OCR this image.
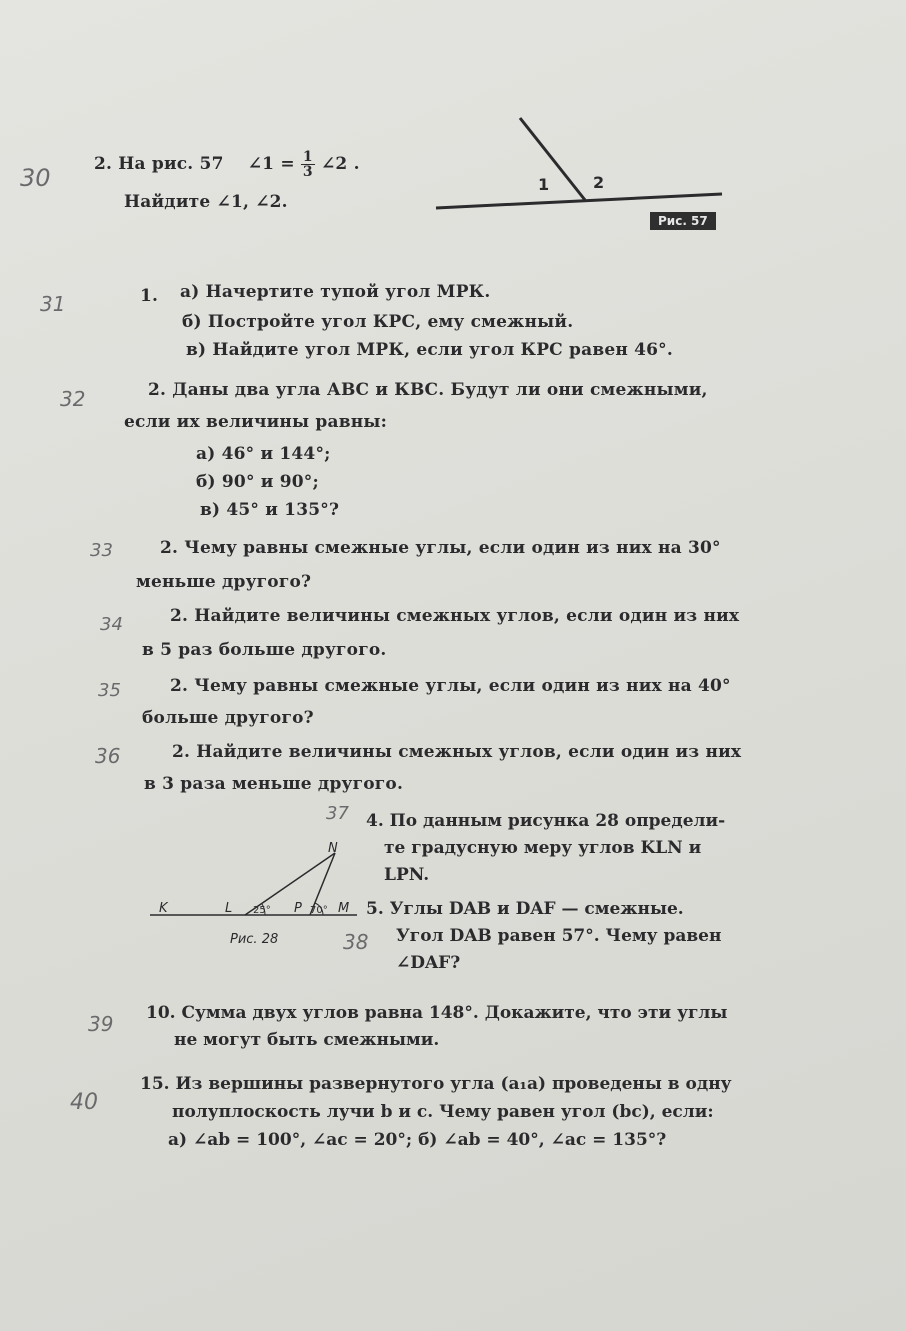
30
31
32
33
34
35
36
37
38
39
40
2. На рис. 57 ∠1 = $\frac{1}{3}$ ∠2 .
Найдите ∠1, ∠2.
1	2
Рис. 57
1. а) Начертите тупой угол МРК.
б) Постройте угол КРС, ему смежный.
в) Найдите угол МРК, если угол КРС равен 46°.
2. Даны два угла АВС и КВС. Будут ли они смежными,
если их величины равны:
а) 46° и 144°;
б) 90° и 90°;
в) 45° и 135°?
2. Чему равны смежные углы, если один из них на 30°
меньше другого?
2. Найдите величины смежных углов, если один из них
в 5 раз больше другого.
2. Чему равны смежные углы, если один из них на 40°
больше другого?
2. Найдите величины смежных углов, если один из них
в 3 раза меньше другого.
4. По данным рисунка 28 определи-
те градусную меру углов KLN и
LPN.
K	L	P	M
N
25°	70°
Рис. 28
5. Углы DAB и DAF — смежные.
Угол DAB равен 57°. Чему равен
∠DAF?
10. Сумма двух углов равна 148°. Докажите, что эти углы
не могут быть смежными.
15. Из вершины развернутого угла (a₁a) проведены в одну
полуплоскость лучи b и c. Чему равен угол (bc), если:
а) ∠ab = 100°, ∠ac = 20°; б) ∠ab = 40°, ∠ac = 135°?
